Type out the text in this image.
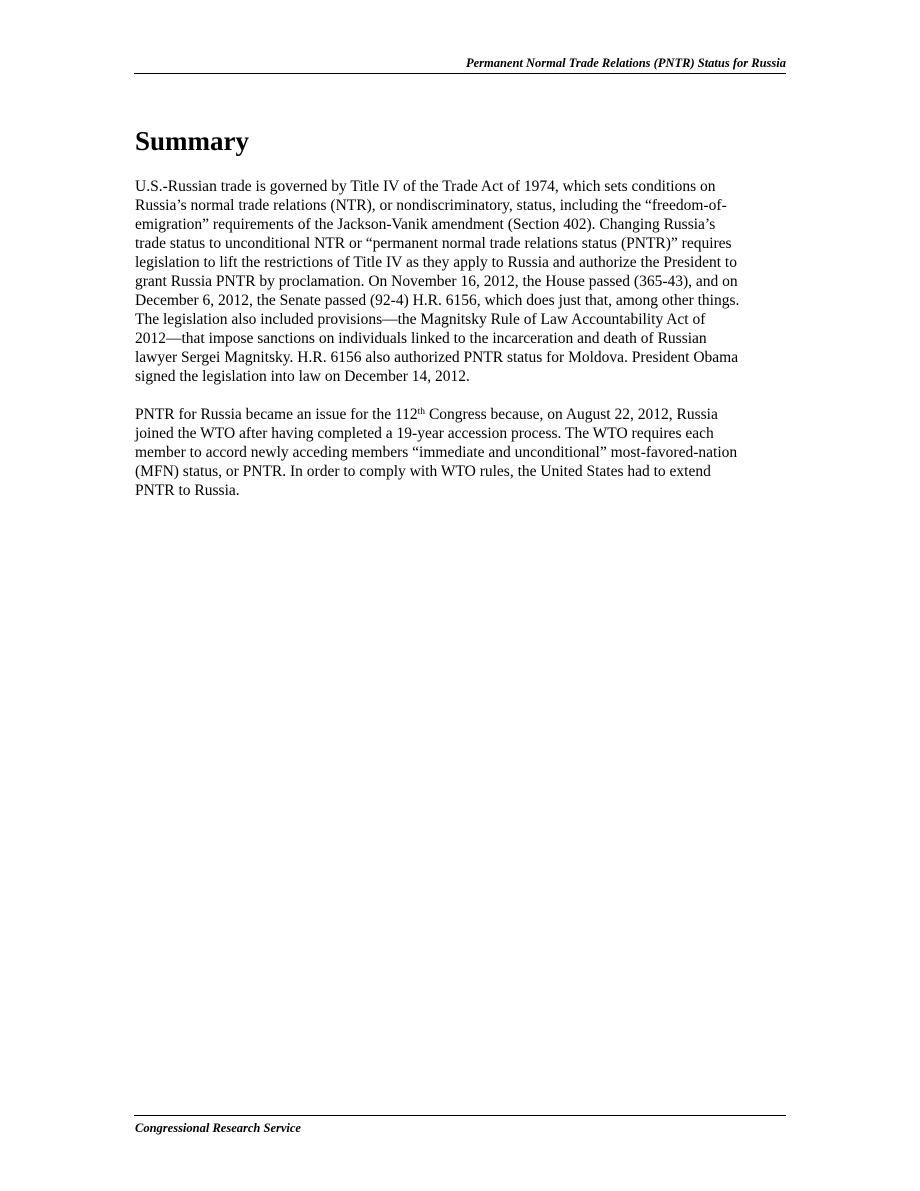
Permanent Normal Trade Relations (PNTR) Status for Russia
Summary

U.S.-Russian trade is governed by Title IV of the Trade Act of 1974, which sets conditions on
Russia’s normal trade relations (NTR), or nondiscriminatory, status, including the “freedom-of-
emigration” requirements of the Jackson-Vanik amendment (Section 402). Changing Russia’s
trade status to unconditional NTR or “permanent normal trade relations status (PNTR)” requires
legislation to lift the restrictions of Title IV as they apply to Russia and authorize the President to
grant Russia PNTR by proclamation. On November 16, 2012, the House passed (365-43), and on
December 6, 2012, the Senate passed (92-4) H.R. 6156, which does just that, among other things.
The legislation also included provisions—the Magnitsky Rule of Law Accountability Act of
2012—that impose sanctions on individuals linked to the incarceration and death of Russian
lawyer Sergei Magnitsky. H.R. 6156 also authorized PNTR status for Moldova. President Obama
signed the legislation into law on December 14, 2012.

PNTR for Russia became an issue for the 112th Congress because, on August 22, 2012, Russia
joined the WTO after having completed a 19-year accession process. The WTO requires each
member to accord newly acceding members “immediate and unconditional” most-favored-nation
(MFN) status, or PNTR. In order to comply with WTO rules, the United States had to extend
PNTR to Russia.

Congressional Research Service
